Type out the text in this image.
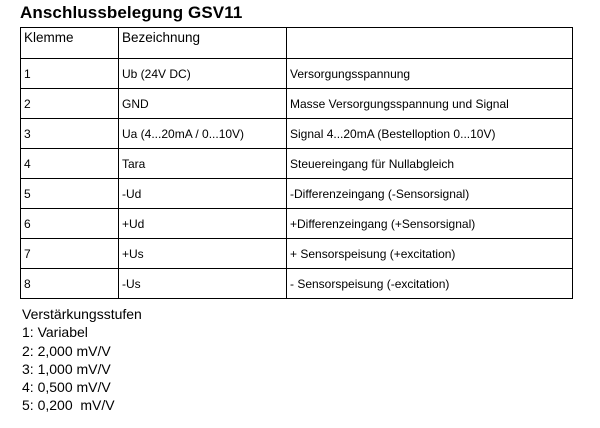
Anschlussbelegung GSV11
Klemme	Bezeichnung	
1	Ub (24V DC)	Versorgungsspannung
2	GND	Masse Versorgungsspannung und Signal
3	Ua (4...20mA / 0...10V)	Signal 4...20mA (Bestelloption 0...10V)
4	Tara	Steuereingang für Nullabgleich
5	-Ud	-Differenzeingang (-Sensorsignal)
6	+Ud	+Differenzeingang (+Sensorsignal)
7	+Us	+ Sensorspeisung (+excitation)
8	-Us	- Sensorspeisung (-excitation)
Verstärkungsstufen
1: Variabel
2: 2,000 mV/V
3: 1,000 mV/V
4: 0,500 mV/V
5: 0,200  mV/V
